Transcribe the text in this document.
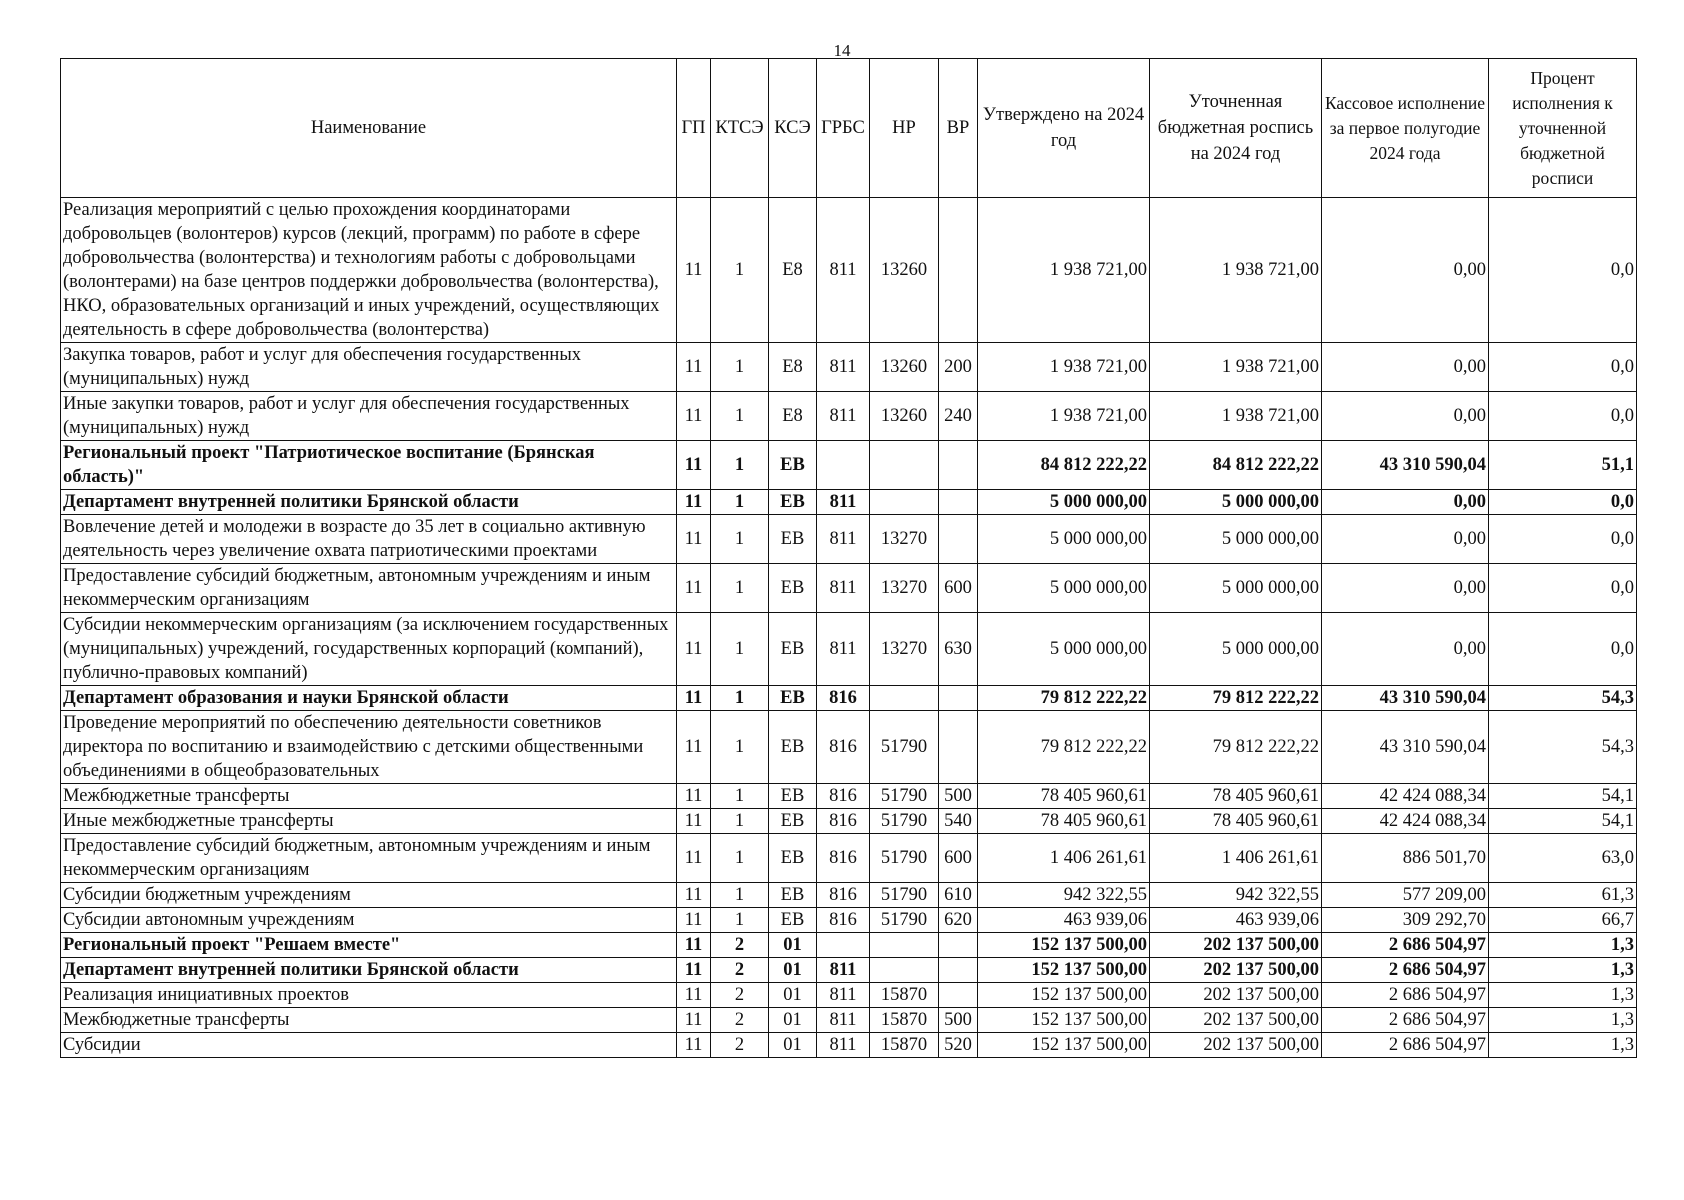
14
Наименование	ГП	КТСЭ	КСЭ	ГРБС	НР	ВР	Утверждено на 2024 год	Уточненная бюджетная роспись на 2024 год	Кассовое исполнение за первое полугодие 2024 года	Процент исполнения к уточненной бюджетной росписи
Реализация мероприятий с целью прохождения координаторами добровольцев (волонтеров) курсов (лекций, программ) по работе в сфере добровольчества (волонтерства) и технологиям работы с добровольцами (волонтерами) на базе центров поддержки добровольчества (волонтерства), НКО, образовательных организаций и иных учреждений, осуществляющих деятельность в сфере добровольчества (волонтерства)	11	1	Е8	811	13260		1 938 721,00	1 938 721,00	0,00	0,0
Закупка товаров, работ и услуг для обеспечения государственных (муниципальных) нужд	11	1	Е8	811	13260	200	1 938 721,00	1 938 721,00	0,00	0,0
Иные закупки товаров, работ и услуг для обеспечения государственных (муниципальных) нужд	11	1	Е8	811	13260	240	1 938 721,00	1 938 721,00	0,00	0,0
Региональный проект "Патриотическое воспитание (Брянская область)"	11	1	ЕВ				84 812 222,22	84 812 222,22	43 310 590,04	51,1
Департамент внутренней политики Брянской области	11	1	ЕВ	811			5 000 000,00	5 000 000,00	0,00	0,0
Вовлечение детей и молодежи в возрасте до 35 лет в социально активную деятельность через увеличение охвата патриотическими проектами	11	1	ЕВ	811	13270		5 000 000,00	5 000 000,00	0,00	0,0
Предоставление субсидий бюджетным, автономным учреждениям и иным некоммерческим организациям	11	1	ЕВ	811	13270	600	5 000 000,00	5 000 000,00	0,00	0,0
Субсидии некоммерческим организациям (за исключением государственных (муниципальных) учреждений, государственных корпораций (компаний), публично-правовых компаний)	11	1	ЕВ	811	13270	630	5 000 000,00	5 000 000,00	0,00	0,0
Департамент образования и науки Брянской области	11	1	ЕВ	816			79 812 222,22	79 812 222,22	43 310 590,04	54,3
Проведение мероприятий по обеспечению деятельности советников директора по воспитанию и взаимодействию с детскими общественными объединениями в общеобразовательных	11	1	ЕВ	816	51790		79 812 222,22	79 812 222,22	43 310 590,04	54,3
Межбюджетные трансферты	11	1	ЕВ	816	51790	500	78 405 960,61	78 405 960,61	42 424 088,34	54,1
Иные межбюджетные трансферты	11	1	ЕВ	816	51790	540	78 405 960,61	78 405 960,61	42 424 088,34	54,1
Предоставление субсидий бюджетным, автономным учреждениям и иным некоммерческим организациям	11	1	ЕВ	816	51790	600	1 406 261,61	1 406 261,61	886 501,70	63,0
Субсидии бюджетным учреждениям	11	1	ЕВ	816	51790	610	942 322,55	942 322,55	577 209,00	61,3
Субсидии автономным учреждениям	11	1	ЕВ	816	51790	620	463 939,06	463 939,06	309 292,70	66,7
Региональный проект "Решаем вместе"	11	2	01				152 137 500,00	202 137 500,00	2 686 504,97	1,3
Департамент внутренней политики Брянской области	11	2	01	811			152 137 500,00	202 137 500,00	2 686 504,97	1,3
Реализация инициативных проектов	11	2	01	811	15870		152 137 500,00	202 137 500,00	2 686 504,97	1,3
Межбюджетные трансферты	11	2	01	811	15870	500	152 137 500,00	202 137 500,00	2 686 504,97	1,3
Субсидии	11	2	01	811	15870	520	152 137 500,00	202 137 500,00	2 686 504,97	1,3
